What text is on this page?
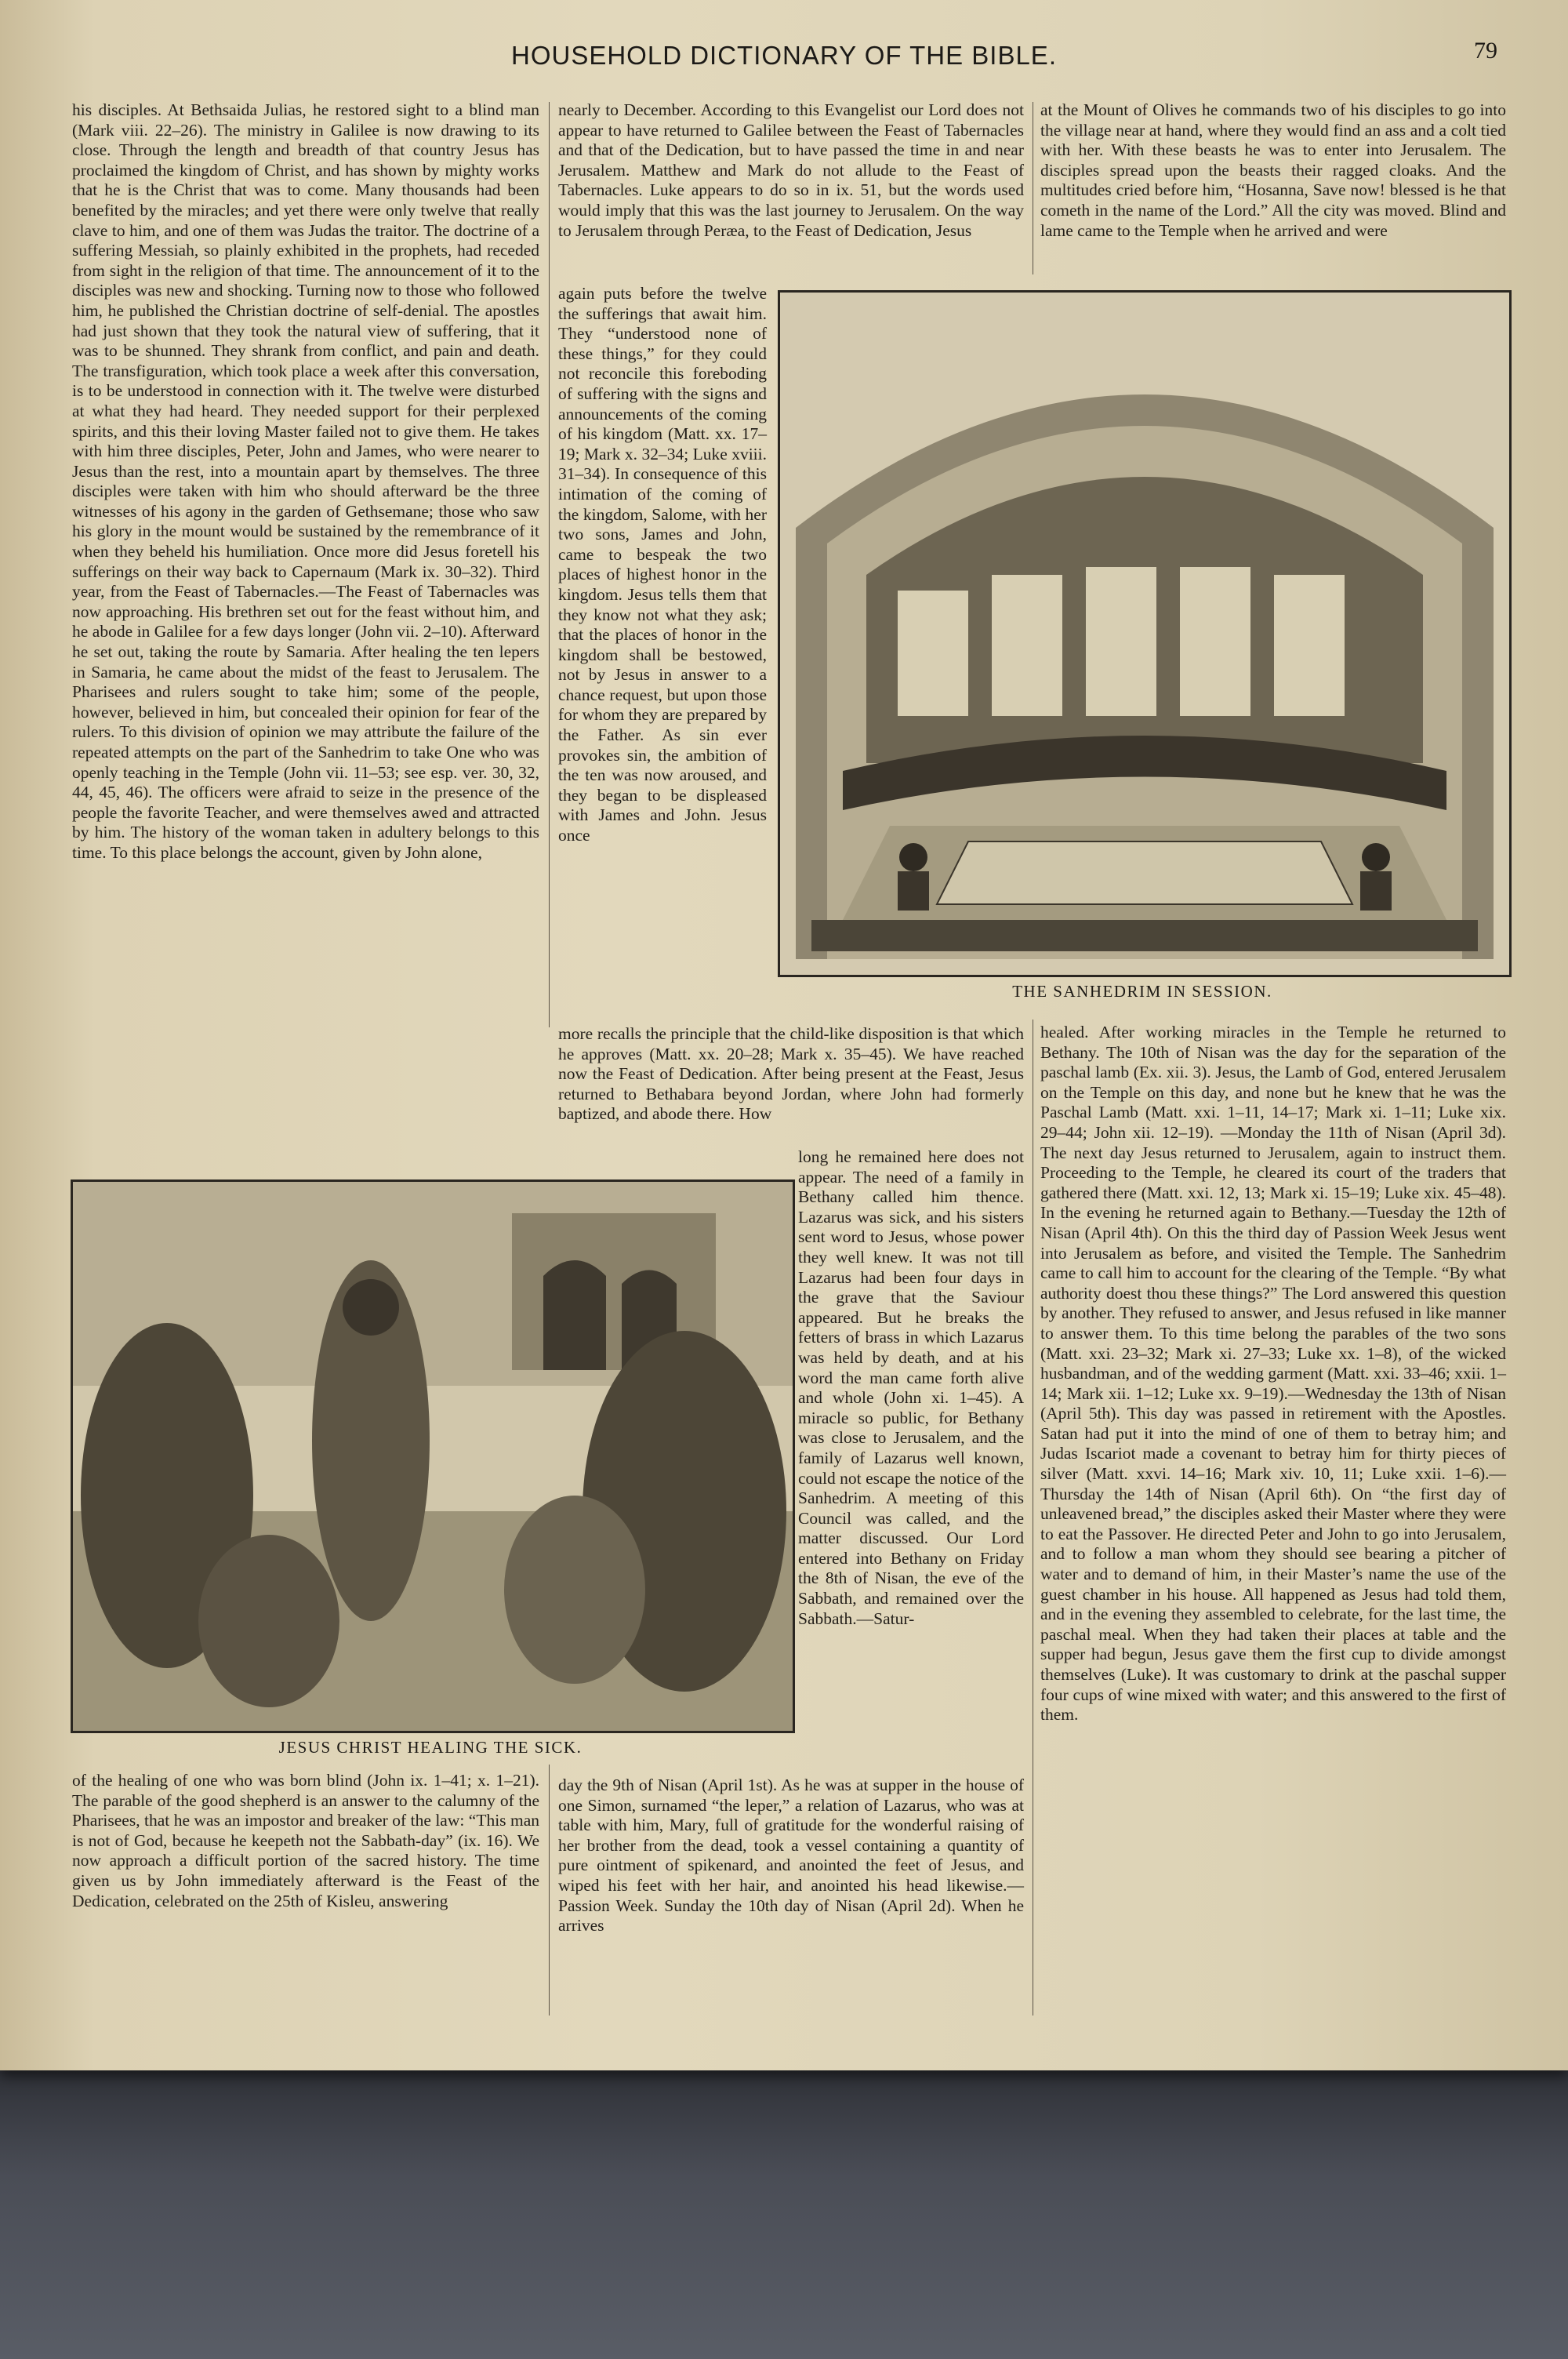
HOUSEHOLD DICTIONARY OF THE BIBLE.	79

his disciples. At Bethsaida Julias, he restored sight to a blind man (Mark viii. 22–26). The ministry in Galilee is now drawing to its close. Through the length and breadth of that country Jesus has proclaimed the kingdom of Christ, and has shown by mighty works that he is the Christ that was to come. Many thousands had been benefited by the miracles; and yet there were only twelve that really clave to him, and one of them was Judas the traitor. The doctrine of a suffering Messiah, so plainly exhibited in the prophets, had receded from sight in the religion of that time. The announcement of it to the disciples was new and shocking. Turning now to those who followed him, he published the Christian doctrine of self-denial. The apostles had just shown that they took the natural view of suffering, that it was to be shunned. They shrank from conflict, and pain and death. The transfiguration, which took place a week after this conversation, is to be understood in connection with it. The twelve were disturbed at what they had heard. They needed support for their perplexed spirits, and this their loving Master failed not to give them. He takes with him three disciples, Peter, John and James, who were nearer to Jesus than the rest, into a mountain apart by themselves. The three disciples were taken with him who should afterward be the three witnesses of his agony in the garden of Gethsemane; those who saw his glory in the mount would be sustained by the remembrance of it when they beheld his humiliation. Once more did Jesus foretell his sufferings on their way back to Capernaum (Mark ix. 30–32). Third year, from the Feast of Tabernacles.—The Feast of Tabernacles was now approaching. His brethren set out for the feast without him, and he abode in Galilee for a few days longer (John vii. 2–10). Afterward he set out, taking the route by Samaria. After healing the ten lepers in Samaria, he came about the midst of the feast to Jerusalem. The Pharisees and rulers sought to take him; some of the people, however, believed in him, but concealed their opinion for fear of the rulers. To this division of opinion we may attribute the failure of the repeated attempts on the part of the Sanhedrim to take One who was openly teaching in the Temple (John vii. 11–53; see esp. ver. 30, 32, 44, 45, 46). The officers were afraid to seize in the presence of the people the favorite Teacher, and were themselves awed and attracted by him. The history of the woman taken in adultery belongs to this time. To this place belongs the account, given by John alone,

nearly to December. According to this Evangelist our Lord does not appear to have returned to Galilee between the Feast of Tabernacles and that of the Dedication, but to have passed the time in and near Jerusalem. Matthew and Mark do not allude to the Feast of Tabernacles. Luke appears to do so in ix. 51, but the words used would imply that this was the last journey to Jerusalem. On the way to Jerusalem through Peræa, to the Feast of Dedication, Jesus

again puts before the twelve the sufferings that await him. They “understood none of these things,” for they could not reconcile this foreboding of suffering with the signs and announcements of the coming of his kingdom (Matt. xx. 17–19; Mark x. 32–34; Luke xviii. 31–34). In consequence of this intimation of the coming of the kingdom, Salome, with her two sons, James and John, came to bespeak the two places of highest honor in the kingdom. Jesus tells them that they know not what they ask; that the places of honor in the kingdom shall be bestowed, not by Jesus in answer to a chance request, but upon those for whom they are prepared by the Father. As sin ever provokes sin, the ambition of the ten was now aroused, and they began to be displeased with James and John. Jesus once

at the Mount of Olives he commands two of his disciples to go into the village near at hand, where they would find an ass and a colt tied with her. With these beasts he was to enter into Jerusalem. The disciples spread upon the beasts their ragged cloaks. And the multitudes cried before him, “Hosanna, Save now! blessed is he that cometh in the name of the Lord.” All the city was moved. Blind and lame came to the Temple when he arrived and were

THE SANHEDRIM IN SESSION.

more recalls the principle that the child-like disposition is that which he approves (Matt. xx. 20–28; Mark x. 35–45). We have reached now the Feast of Dedication. After being present at the Feast, Jesus returned to Bethabara beyond Jordan, where John had formerly baptized, and abode there. How

JESUS CHRIST HEALING THE SICK.

long he remained here does not appear. The need of a family in Bethany called him thence. Lazarus was sick, and his sisters sent word to Jesus, whose power they well knew. It was not till Lazarus had been four days in the grave that the Saviour appeared. But he breaks the fetters of brass in which Lazarus was held by death, and at his word the man came forth alive and whole (John xi. 1–45). A miracle so public, for Bethany was close to Jerusalem, and the family of Lazarus well known, could not escape the notice of the Sanhedrim. A meeting of this Council was called, and the matter discussed. Our Lord entered into Bethany on Friday the 8th of Nisan, the eve of the Sabbath, and remained over the Sabbath.—Satur-

of the healing of one who was born blind (John ix. 1–41; x. 1–21). The parable of the good shepherd is an answer to the calumny of the Pharisees, that he was an impostor and breaker of the law: “This man is not of God, because he keepeth not the Sabbath-day” (ix. 16). We now approach a difficult portion of the sacred history. The time given us by John immediately afterward is the Feast of the Dedication, celebrated on the 25th of Kisleu, answering

day the 9th of Nisan (April 1st). As he was at supper in the house of one Simon, surnamed “the leper,” a relation of Lazarus, who was at table with him, Mary, full of gratitude for the wonderful raising of her brother from the dead, took a vessel containing a quantity of pure ointment of spikenard, and anointed the feet of Jesus, and wiped his feet with her hair, and anointed his head likewise.—Passion Week. Sunday the 10th day of Nisan (April 2d). When he arrives

healed. After working miracles in the Temple he returned to Bethany. The 10th of Nisan was the day for the separation of the paschal lamb (Ex. xii. 3). Jesus, the Lamb of God, entered Jerusalem on the Temple on this day, and none but he knew that he was the Paschal Lamb (Matt. xxi. 1–11, 14–17; Mark xi. 1–11; Luke xix. 29–44; John xii. 12–19). —Monday the 11th of Nisan (April 3d). The next day Jesus returned to Jerusalem, again to instruct them. Proceeding to the Temple, he cleared its court of the traders that gathered there (Matt. xxi. 12, 13; Mark xi. 15–19; Luke xix. 45–48). In the evening he returned again to Bethany.—Tuesday the 12th of Nisan (April 4th). On this the third day of Passion Week Jesus went into Jerusalem as before, and visited the Temple. The Sanhedrim came to call him to account for the clearing of the Temple. “By what authority doest thou these things?” The Lord answered this question by another. They refused to answer, and Jesus refused in like manner to answer them. To this time belong the parables of the two sons (Matt. xxi. 23–32; Mark xi. 27–33; Luke xx. 1–8), of the wicked husbandman, and of the wedding garment (Matt. xxi. 33–46; xxii. 1–14; Mark xii. 1–12; Luke xx. 9–19).—Wednesday the 13th of Nisan (April 5th). This day was passed in retirement with the Apostles. Satan had put it into the mind of one of them to betray him; and Judas Iscariot made a covenant to betray him for thirty pieces of silver (Matt. xxvi. 14–16; Mark xiv. 10, 11; Luke xxii. 1–6).—Thursday the 14th of Nisan (April 6th). On “the first day of unleavened bread,” the disciples asked their Master where they were to eat the Passover. He directed Peter and John to go into Jerusalem, and to follow a man whom they should see bearing a pitcher of water and to demand of him, in their Master’s name the use of the guest chamber in his house. All happened as Jesus had told them, and in the evening they assembled to celebrate, for the last time, the paschal meal. When they had taken their places at table and the supper had begun, Jesus gave them the first cup to divide amongst themselves (Luke). It was customary to drink at the paschal supper four cups of wine mixed with water; and this answered to the first of them.
